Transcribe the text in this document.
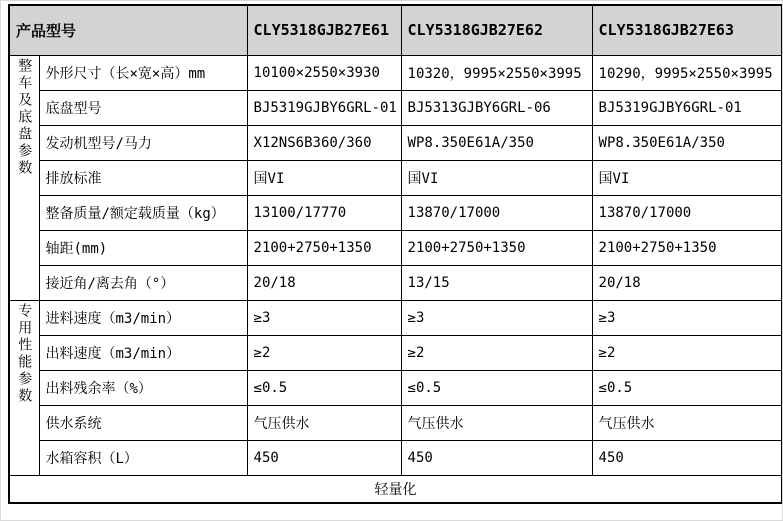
产品型号		CLY5318GJB27E61	CLY5318GJB27E62	CLY5318GJB27E63
整车及底盘参数	外形尺寸（长×宽×高）mm	10100×2550×3930	10320，9995×2550×3995	10290，9995×2550×3995
	底盘型号	BJ5319GJBY6GRL-01	BJ5313GJBY6GRL-06	BJ5319GJBY6GRL-01
	发动机型号/马力	X12NS6B360/360	WP8.350E61A/350	WP8.350E61A/350
	排放标准	国VI	国VI	国VI
	整备质量/额定载质量（kg）	13100/17770	13870/17000	13870/17000
	轴距(mm)	2100+2750+1350	2100+2750+1350	2100+2750+1350
	接近角/离去角（°）	20/18	13/15	20/18
专用性能参数	进料速度（m3/min）	≥3	≥3	≥3
	出料速度（m3/min）	≥2	≥2	≥2
	出料残余率（%）	≤0.5	≤0.5	≤0.5
	供水系统	气压供水	气压供水	气压供水
	水箱容积（L）	450	450	450
轻量化				
